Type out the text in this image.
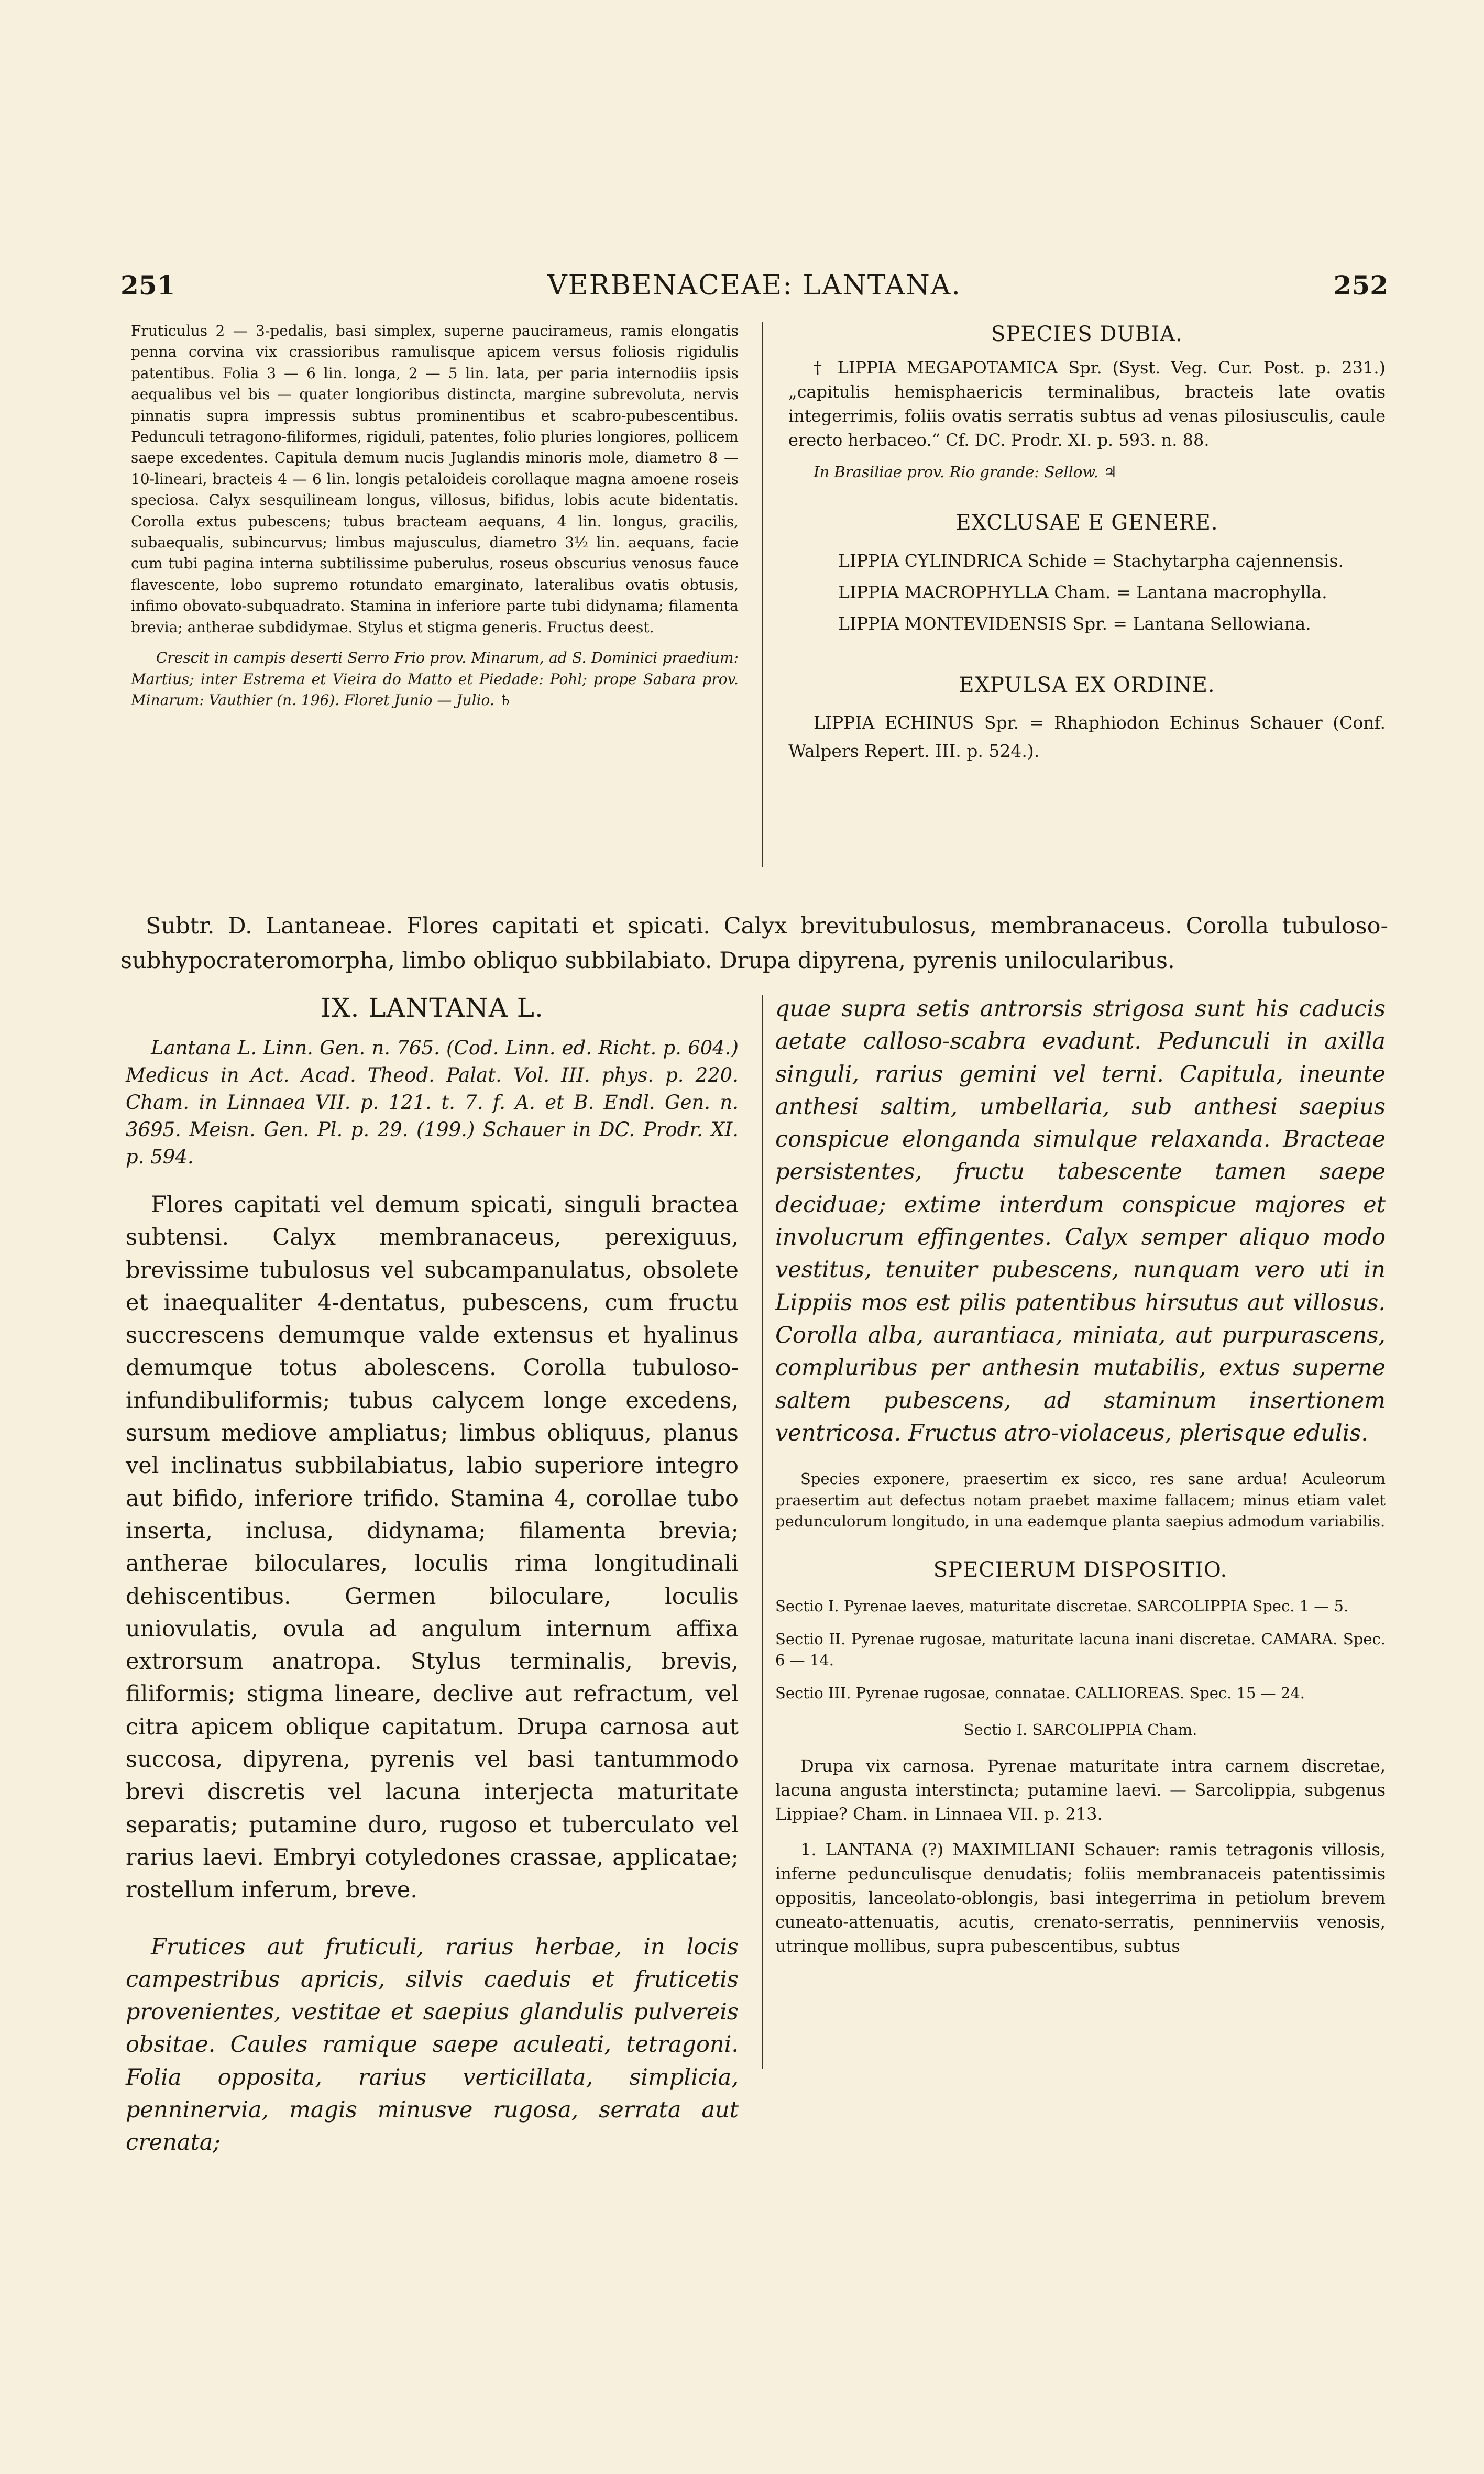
251	VERBENACEAE: LANTANA.	252

Fruticulus 2 — 3-pedalis, basi simplex, superne paucirameus, ramis elongatis penna corvina vix crassioribus ramulisque apicem versus foliosis rigidulis patentibus. Folia 3 — 6 lin. longa, 2 — 5 lin. lata, per paria internodiis ipsis aequalibus vel bis — quater longioribus distincta, margine subrevoluta, nervis pinnatis supra impressis subtus prominentibus et scabro-pubescentibus. Pedunculi tetragono-filiformes, rigiduli, patentes, folio pluries longiores, pollicem saepe excedentes. Capitula demum nucis Juglandis minoris mole, diametro 8 — 10-lineari, bracteis 4 — 6 lin. longis petaloideis corollaque magna amoene roseis speciosa. Calyx sesquilineam longus, villosus, bifidus, lobis acute bidentatis. Corolla extus pubescens; tubus bracteam aequans, 4 lin. longus, gracilis, subaequalis, subincurvus; limbus majusculus, diametro 3½ lin. aequans, facie cum tubi pagina interna subtilissime puberulus, roseus obscurius venosus fauce flavescente, lobo supremo rotundato emarginato, lateralibus ovatis obtusis, infimo obovato-subquadrato. Stamina in inferiore parte tubi didynama; filamenta brevia; antherae subdidymae. Stylus et stigma generis. Fructus deest.

Crescit in campis deserti Serro Frio prov. Minarum, ad S. Dominici praedium: Martius; inter Estrema et Vieira do Matto et Piedade: Pohl; prope Sabara prov. Minarum: Vauthier (n. 196). Floret Junio — Julio. ♄

SPECIES DUBIA.

† LIPPIA MEGAPOTAMICA Spr. (Syst. Veg. Cur. Post. p. 231.) „capitulis hemisphaericis terminalibus, bracteis late ovatis integerrimis, foliis ovatis serratis subtus ad venas pilosiusculis, caule erecto herbaceo.“ Cf. DC. Prodr. XI. p. 593. n. 88.

In Brasiliae prov. Rio grande: Sellow. ♃

EXCLUSAE E GENERE.
LIPPIA CYLINDRICA Schide = Stachytarpha cajennensis.
LIPPIA MACROPHYLLA Cham. = Lantana macrophylla.
LIPPIA MONTEVIDENSIS Spr. = Lantana Sellowiana.
EXPULSA EX ORDINE.

LIPPIA ECHINUS Spr. = Rhaphiodon Echinus Schauer (Conf. Walpers Repert. III. p. 524.).

Subtr. D. Lantaneae. Flores capitati et spicati. Calyx brevitubulosus, membranaceus. Corolla tubuloso-subhypocrateromorpha, limbo obliquo subbilabiato. Drupa dipyrena, pyrenis unilocularibus.

IX. LANTANA L.

Lantana L. Linn. Gen. n. 765. (Cod. Linn. ed. Richt. p. 604.) Medicus in Act. Acad. Theod. Palat. Vol. III. phys. p. 220. Cham. in Linnaea VII. p. 121. t. 7. f. A. et B. Endl. Gen. n. 3695. Meisn. Gen. Pl. p. 29. (199.) Schauer in DC. Prodr. XI. p. 594.

Flores capitati vel demum spicati, singuli bractea subtensi. Calyx membranaceus, perexiguus, brevissime tubulosus vel subcampanulatus, obsolete et inaequaliter 4-dentatus, pubescens, cum fructu succrescens demumque valde extensus et hyalinus demumque totus abolescens. Corolla tubuloso-infundibuliformis; tubus calycem longe excedens, sursum mediove ampliatus; limbus obliquus, planus vel inclinatus subbilabiatus, labio superiore integro aut bifido, inferiore trifido. Stamina 4, corollae tubo inserta, inclusa, didynama; filamenta brevia; antherae biloculares, loculis rima longitudinali dehiscentibus. Germen biloculare, loculis uniovulatis, ovula ad angulum internum affixa extrorsum anatropa. Stylus terminalis, brevis, filiformis; stigma lineare, declive aut refractum, vel citra apicem oblique capitatum. Drupa carnosa aut succosa, dipyrena, pyrenis vel basi tantummodo brevi discretis vel lacuna interjecta maturitate separatis; putamine duro, rugoso et tuberculato vel rarius laevi. Embryi cotyledones crassae, applicatae; rostellum inferum, breve.

Frutices aut fruticuli, rarius herbae, in locis campestribus apricis, silvis caeduis et fruticetis provenientes, vestitae et saepius glandulis pulvereis obsitae. Caules ramique saepe aculeati, tetragoni. Folia opposita, rarius verticillata, simplicia, penninervia, magis minusve rugosa, serrata aut crenata;

quae supra setis antrorsis strigosa sunt his caducis aetate calloso-scabra evadunt. Pedunculi in axilla singuli, rarius gemini vel terni. Capitula, ineunte anthesi saltim, umbellaria, sub anthesi saepius conspicue elonganda simulque relaxanda. Bracteae persistentes, fructu tabescente tamen saepe deciduae; extime interdum conspicue majores et involucrum effingentes. Calyx semper aliquo modo vestitus, tenuiter pubescens, nunquam vero uti in Lippiis mos est pilis patentibus hirsutus aut villosus. Corolla alba, aurantiaca, miniata, aut purpurascens, compluribus per anthesin mutabilis, extus superne saltem pubescens, ad staminum insertionem ventricosa. Fructus atro-violaceus, plerisque edulis.

Species exponere, praesertim ex sicco, res sane ardua! Aculeorum praesertim aut defectus notam praebet maxime fallacem; minus etiam valet pedunculorum longitudo, in una eademque planta saepius admodum variabilis.

SPECIERUM DISPOSITIO.

Sectio I. Pyrenae laeves, maturitate discretae. SARCOLIPPIA Spec. 1 — 5.

Sectio II. Pyrenae rugosae, maturitate lacuna inani discretae. CAMARA. Spec. 6 — 14.

Sectio III. Pyrenae rugosae, connatae. CALLIOREAS. Spec. 15 — 24.

Sectio I. SARCOLIPPIA Cham.

Drupa vix carnosa. Pyrenae maturitate intra carnem discretae, lacuna angusta interstincta; putamine laevi. — Sarcolippia, subgenus Lippiae? Cham. in Linnaea VII. p. 213.

1. LANTANA (?) MAXIMILIANI Schauer: ramis tetragonis villosis, inferne pedunculisque denudatis; foliis membranaceis patentissimis oppositis, lanceolato-oblongis, basi integerrima in petiolum brevem cuneato-attenuatis, acutis, crenato-serratis, penninerviis venosis, utrinque mollibus, supra pubescentibus, subtus
